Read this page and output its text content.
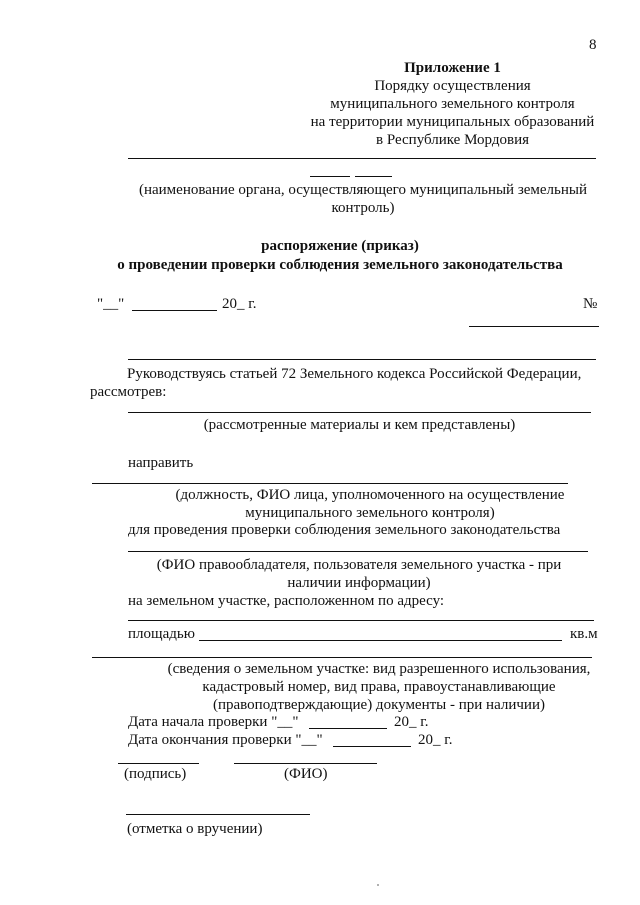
8
Приложение 1
Порядку осуществления
муниципального земельного контроля
на территории муниципальных образований
в Республике Мордовия
(наименование органа, осуществляющего муниципальный земельный
контроль)
распоряжение (приказ)
о проведении проверки соблюдения земельного законодательства
"__"	20_ г.	№
Руководствуясь статьей 72 Земельного кодекса Российской Федерации,
рассмотрев:
(рассмотренные материалы и кем представлены)
направить
(должность, ФИО лица, уполномоченного на осуществление
муниципального земельного контроля)
для проведения проверки соблюдения земельного законодательства
(ФИО правообладателя, пользователя земельного участка - при
наличии информации)
на земельном участке, расположенном по адресу:
площадью	кв.м
(сведения о земельном участке: вид разрешенного использования,
кадастровый номер, вид права, правоустанавливающие
(правоподтверждающие) документы - при наличии)
Дата начала проверки "__"	20_ г.
Дата окончания проверки "__"	20_ г.
(подпись)	(ФИО)
(отметка о вручении)
